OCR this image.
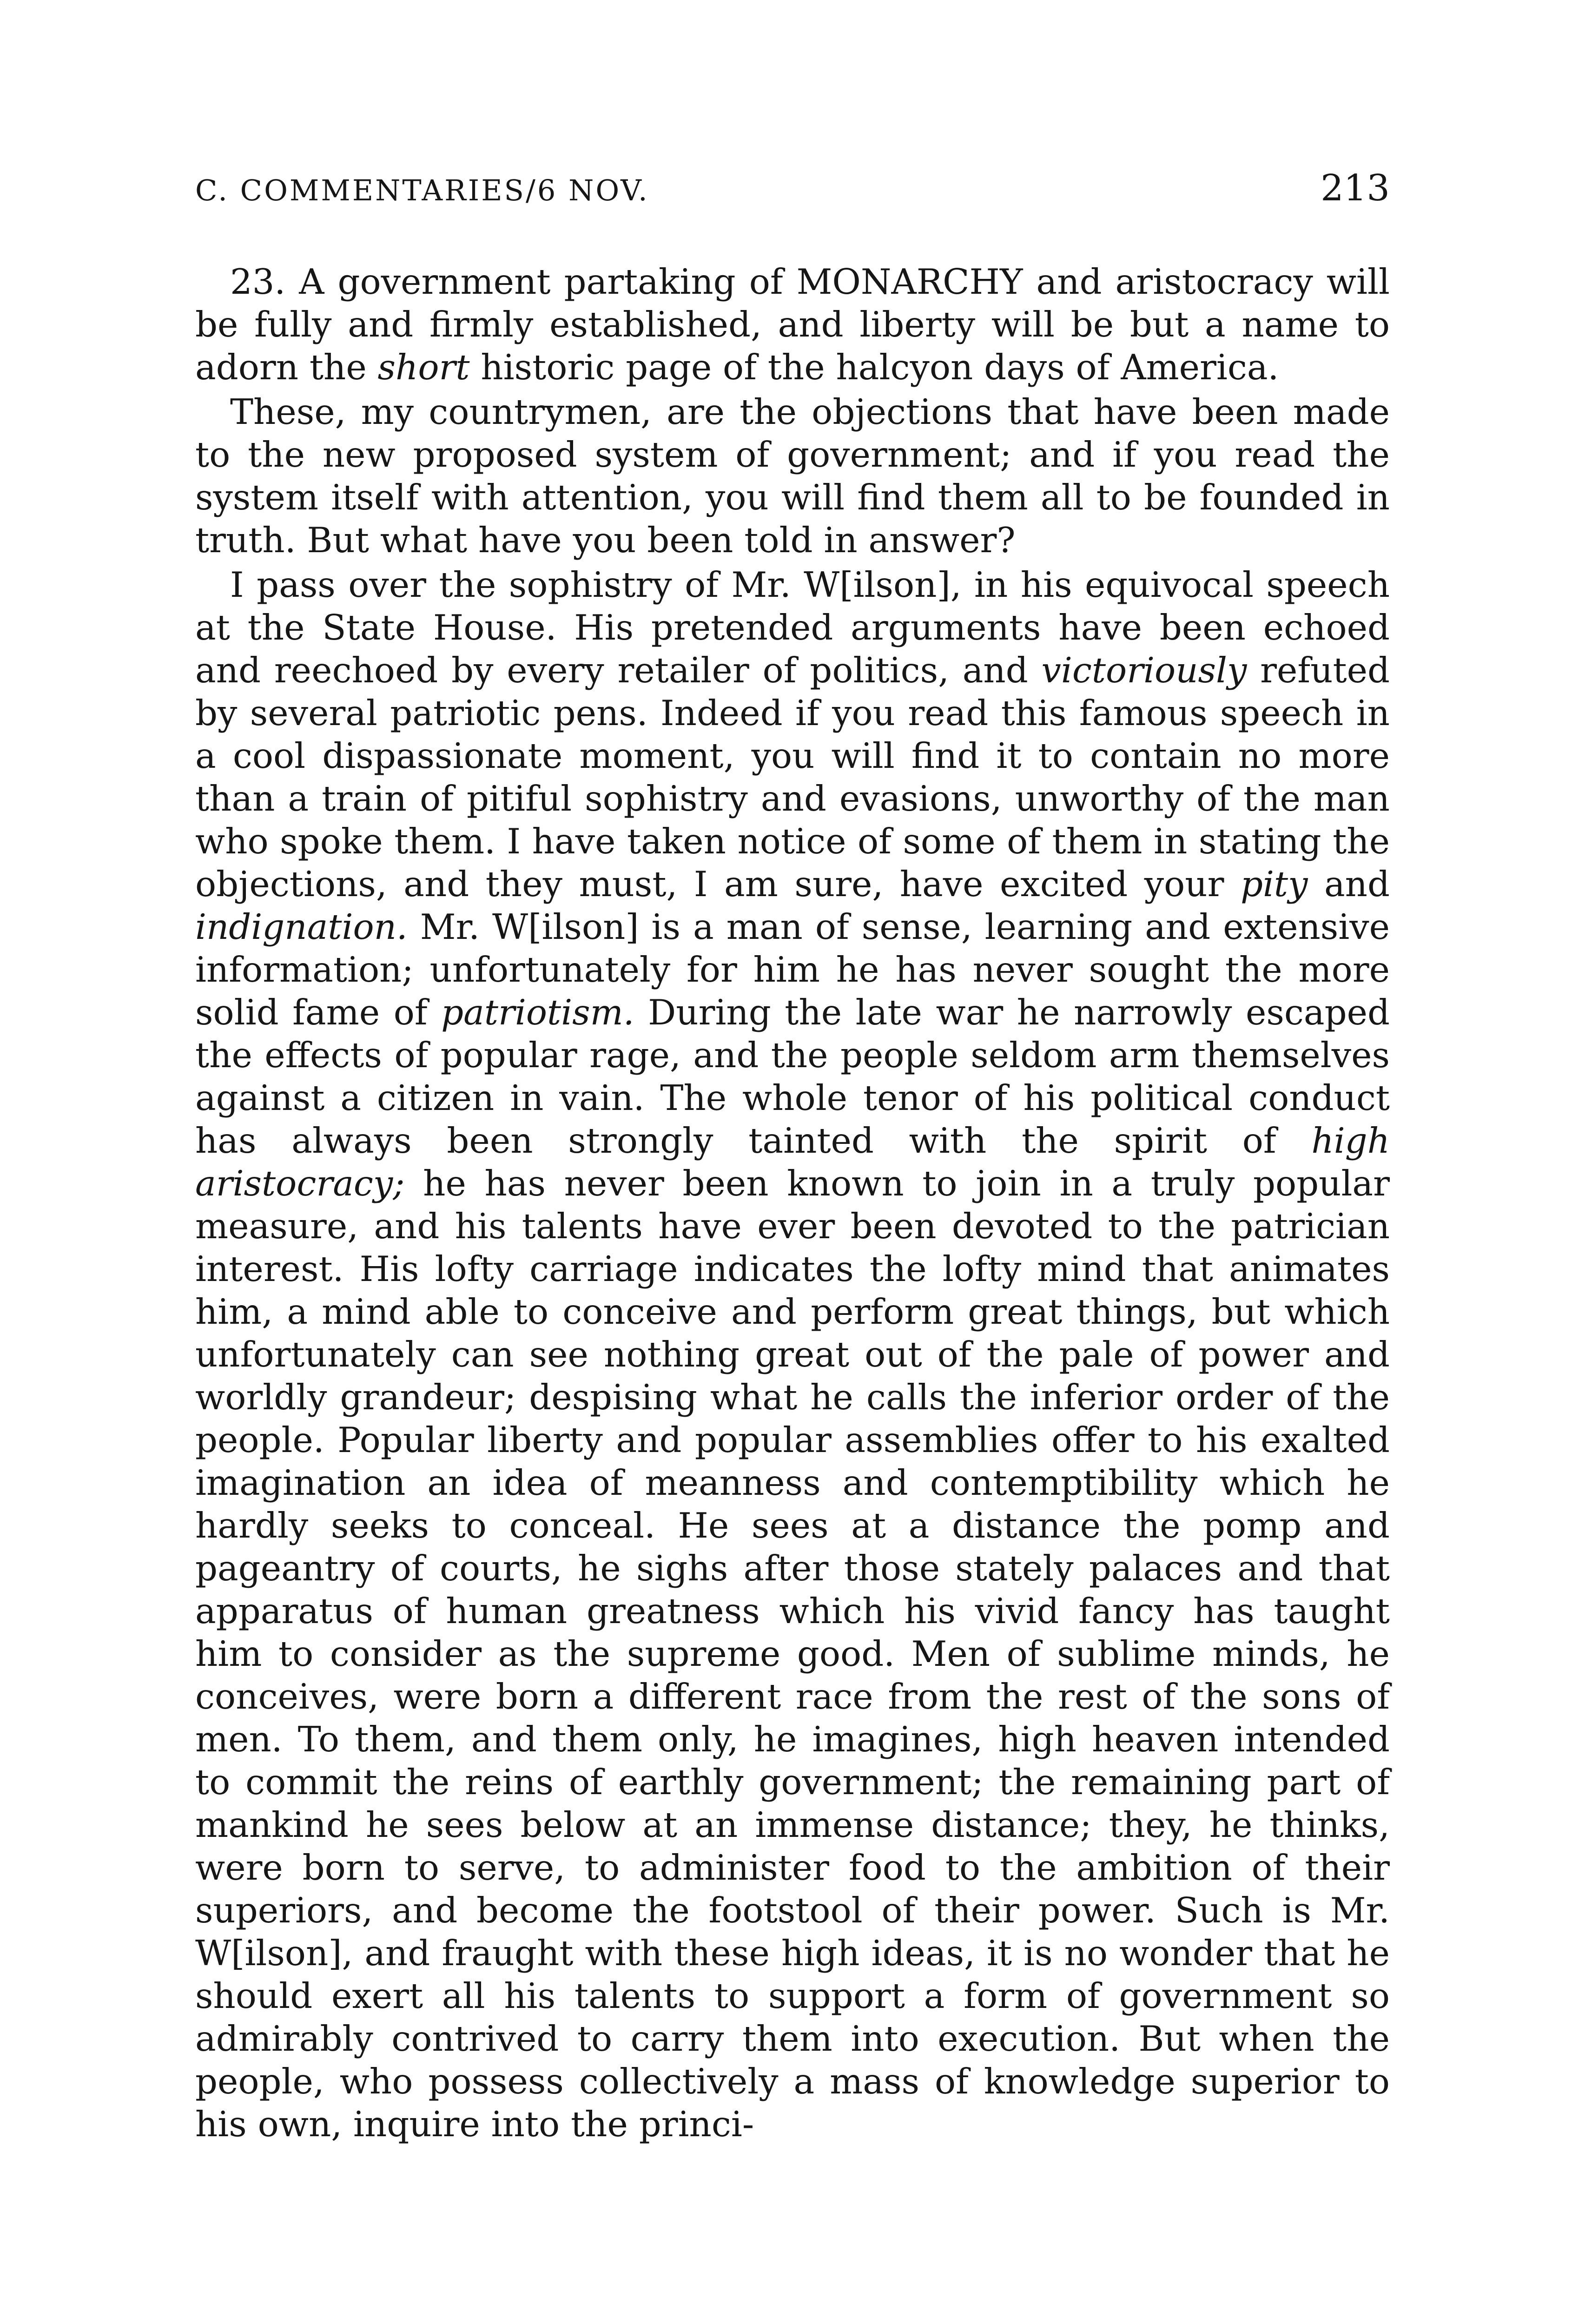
C. COMMENTARIES/6 NOV.	213

23. A government partaking of MONARCHY and aristocracy will be fully and firmly established, and liberty will be but a name to adorn the short historic page of the halcyon days of America.

These, my countrymen, are the objections that have been made to the new proposed system of government; and if you read the system itself with attention, you will find them all to be founded in truth. But what have you been told in answer?

I pass over the sophistry of Mr. W[ilson], in his equivocal speech at the State House. His pretended arguments have been echoed and reechoed by every retailer of politics, and victoriously refuted by several patriotic pens. Indeed if you read this famous speech in a cool dispassionate moment, you will find it to contain no more than a train of pitiful sophistry and evasions, unworthy of the man who spoke them. I have taken notice of some of them in stating the objections, and they must, I am sure, have excited your pity and indignation. Mr. W[ilson] is a man of sense, learning and extensive information; unfortunately for him he has never sought the more solid fame of patriotism. During the late war he narrowly escaped the effects of popular rage, and the people seldom arm themselves against a citizen in vain. The whole tenor of his political conduct has always been strongly tainted with the spirit of high aristocracy; he has never been known to join in a truly popular measure, and his talents have ever been devoted to the patrician interest. His lofty carriage indicates the lofty mind that animates him, a mind able to conceive and perform great things, but which unfortunately can see nothing great out of the pale of power and worldly grandeur; despising what he calls the inferior order of the people. Popular liberty and popular assemblies offer to his exalted imagination an idea of meanness and contemptibility which he hardly seeks to conceal. He sees at a distance the pomp and pageantry of courts, he sighs after those stately palaces and that apparatus of human greatness which his vivid fancy has taught him to consider as the supreme good. Men of sublime minds, he conceives, were born a different race from the rest of the sons of men. To them, and them only, he imagines, high heaven intended to commit the reins of earthly government; the remaining part of mankind he sees below at an immense distance; they, he thinks, were born to serve, to administer food to the ambition of their superiors, and become the footstool of their power. Such is Mr. W[ilson], and fraught with these high ideas, it is no wonder that he should exert all his talents to support a form of government so admirably contrived to carry them into execution. But when the people, who possess collectively a mass of knowledge superior to his own, inquire into the princi-
